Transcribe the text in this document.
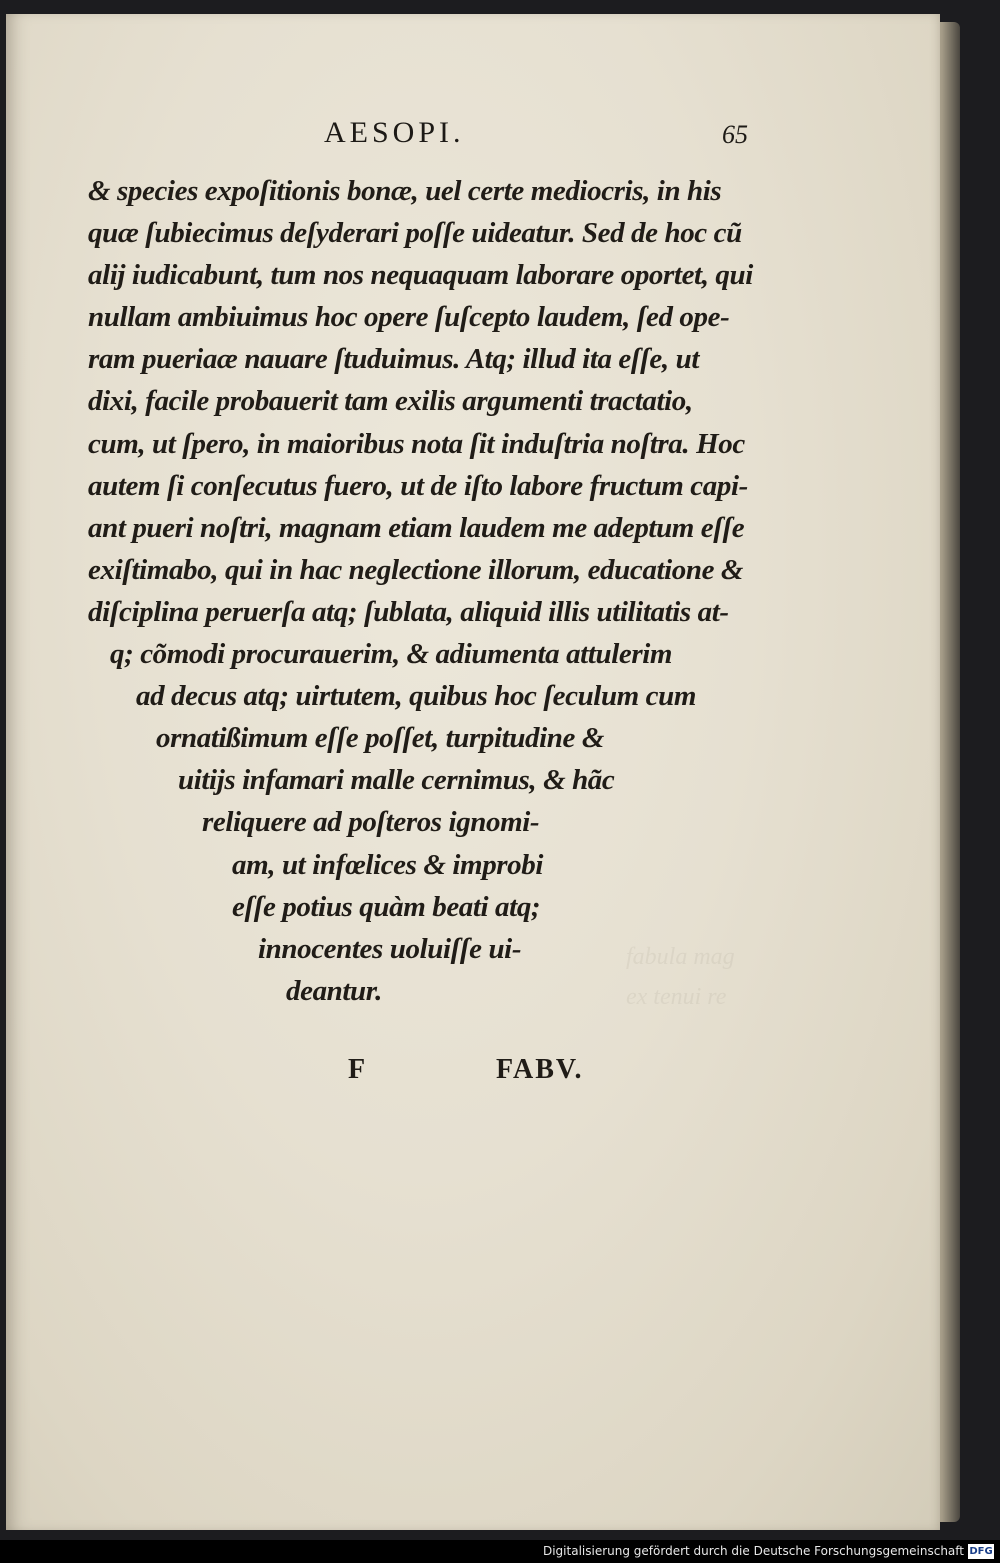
fabula mag
ex tenui re
AESOPI.	65
& species expoſitionis bonæ, uel certe mediocris, in his
quæ ſubiecimus deſyderari poſſe uideatur. Sed de hoc cũ
alij iudicabunt, tum nos nequaquam laborare oportet, qui
nullam ambiuimus hoc opere ſuſcepto laudem, ſed ope-
ram pueriaæ nauare ſtuduimus. Atq; illud ita eſſe, ut
dixi, facile probauerit tam exilis argumenti tractatio,
cum, ut ſpero, in maioribus nota ſit induſtria noſtra. Hoc
autem ſi conſecutus fuero, ut de iſto labore fructum capi-
ant pueri noſtri, magnam etiam laudem me adeptum eſſe
exiſtimabo, qui in hac neglectione illorum, educatione &
diſciplina peruerſa atq; ſublata, aliquid illis utilitatis at-
q; cõmodi procurauerim, & adiumenta attulerim
ad decus atq; uirtutem, quibus hoc ſeculum cum
ornatißimum eſſe poſſet, turpitudine &
uitijs infamari malle cernimus, & hãc
reliquere ad poſteros ignomi-
am, ut infœlices & improbi
eſſe potius quàm beati atq;
innocentes uoluiſſe ui-
deantur.
F	FABV.
Digitalisierung gefördert durch die Deutsche Forschungsgemeinschaft DFG
